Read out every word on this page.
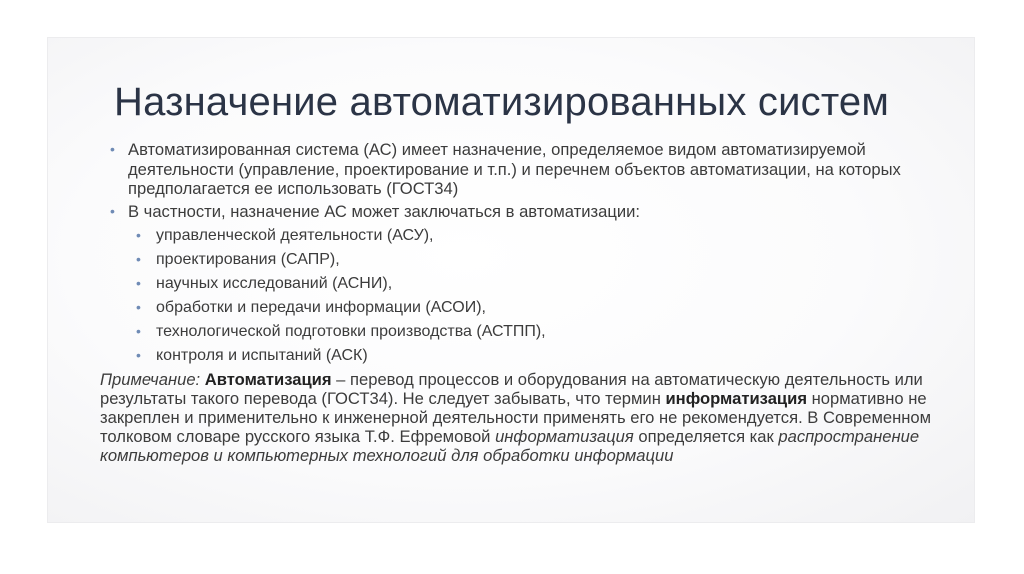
Назначение автоматизированных систем
• Автоматизированная система (АС) имеет назначение, определяемое видом автоматизируемой деятельности (управление, проектирование и т.п.) и перечнем объектов автоматизации, на которых предполагается ее использовать (ГОСТ34)
• В частности, назначение АС может заключаться в автоматизации:
• управленческой деятельности (АСУ),
• проектирования (САПР),
• научных исследований (АСНИ),
• обработки и передачи информации (АСОИ),
• технологической подготовки производства (АСТПП),
• контроля и испытаний (АСК)

Примечание: Автоматизация – перевод процессов и оборудования на автоматическую деятельность или результаты такого перевода (ГОСТ34). Не следует забывать, что термин информатизация нормативно не закреплен и применительно к инженерной деятельности применять его не рекомендуется. В Современном толковом словаре русского языка Т.Ф. Ефремовой информатизация определяется как распространение компьютеров и компьютерных технологий для обработки информации
